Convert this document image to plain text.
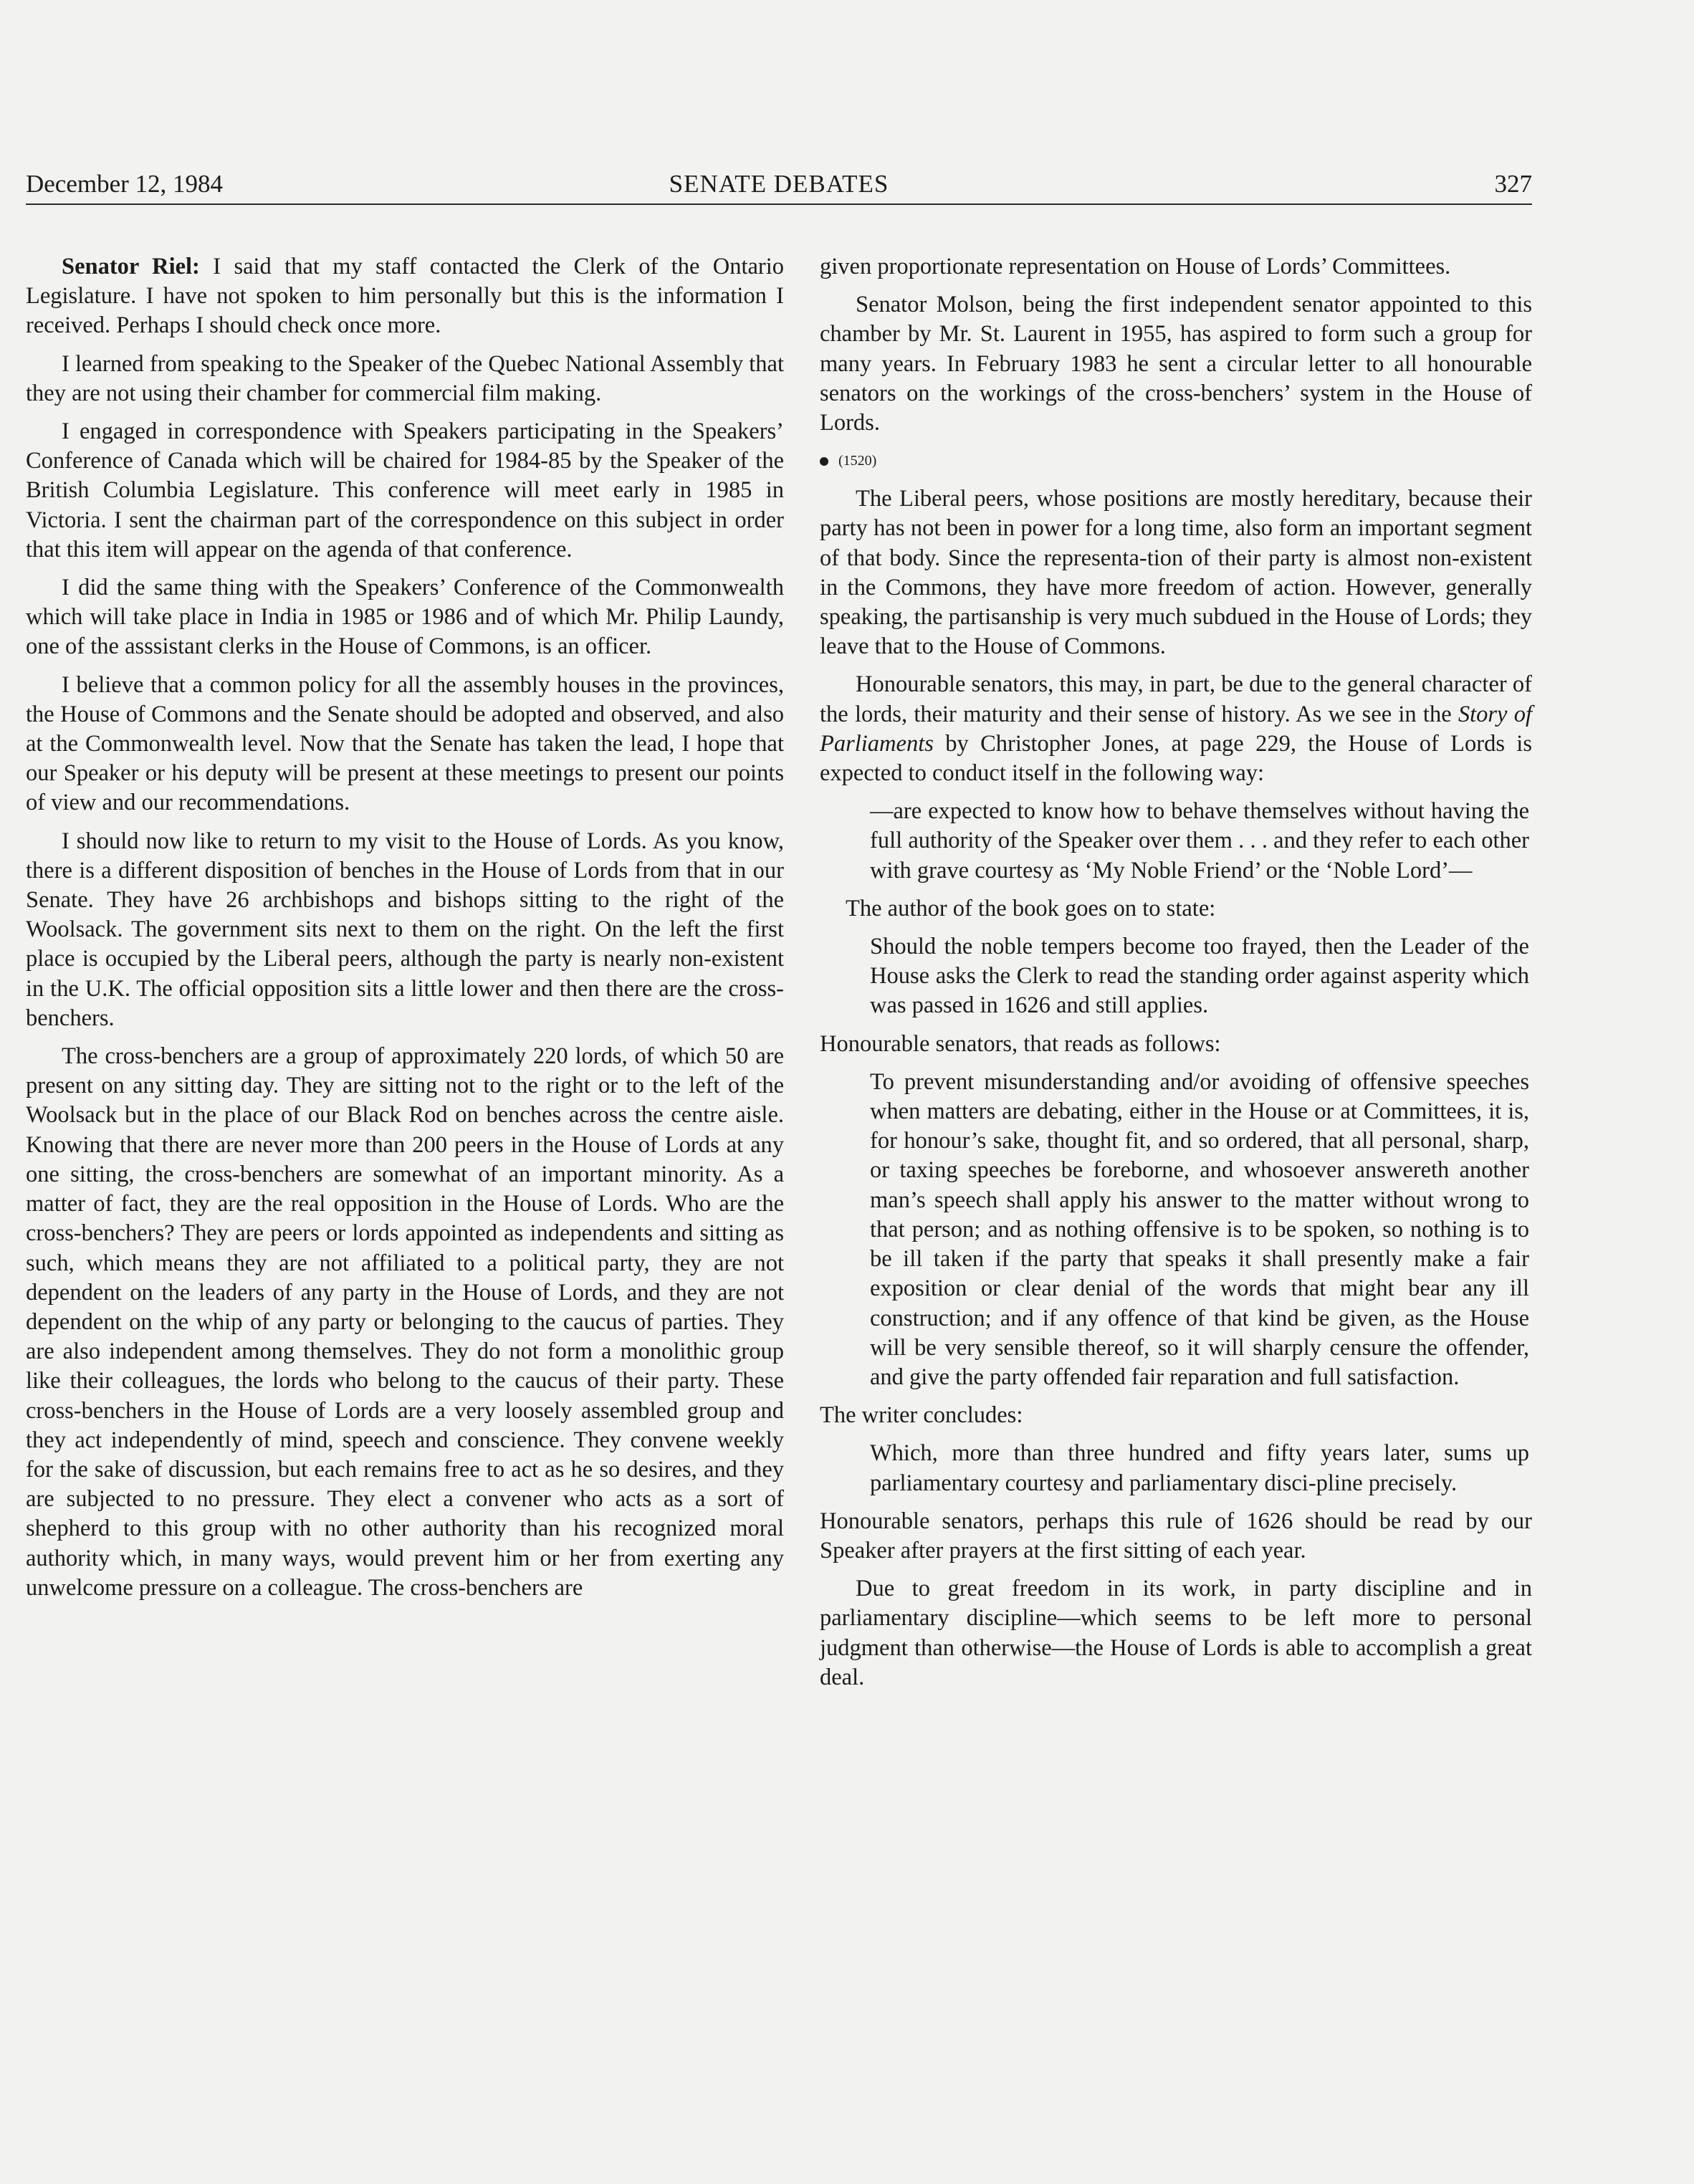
December 12, 1984	SENATE DEBATES	327

Senator Riel: I said that my staff contacted the Clerk of the Ontario Legislature. I have not spoken to him personally but this is the information I received. Perhaps I should check once more.

I learned from speaking to the Speaker of the Quebec National Assembly that they are not using their chamber for commercial film making.

I engaged in correspondence with Speakers participating in the Speakers’ Conference of Canada which will be chaired for 1984-85 by the Speaker of the British Columbia Legislature. This conference will meet early in 1985 in Victoria. I sent the chairman part of the correspondence on this subject in order that this item will appear on the agenda of that conference.

I did the same thing with the Speakers’ Conference of the Commonwealth which will take place in India in 1985 or 1986 and of which Mr. Philip Laundy, one of the asssistant clerks in the House of Commons, is an officer.

I believe that a common policy for all the assembly houses in the provinces, the House of Commons and the Senate should be adopted and observed, and also at the Commonwealth level. Now that the Senate has taken the lead, I hope that our Speaker or his deputy will be present at these meetings to present our points of view and our recommendations.

I should now like to return to my visit to the House of Lords. As you know, there is a different disposition of benches in the House of Lords from that in our Senate. They have 26 archbishops and bishops sitting to the right of the Woolsack. The government sits next to them on the right. On the left the first place is occupied by the Liberal peers, although the party is nearly non-existent in the U.K. The official opposition sits a little lower and then there are the cross-benchers.

The cross-benchers are a group of approximately 220 lords, of which 50 are present on any sitting day. They are sitting not to the right or to the left of the Woolsack but in the place of our Black Rod on benches across the centre aisle. Knowing that there are never more than 200 peers in the House of Lords at any one sitting, the cross-benchers are somewhat of an important minority. As a matter of fact, they are the real opposition in the House of Lords. Who are the cross-benchers? They are peers or lords appointed as independents and sitting as such, which means they are not affiliated to a political party, they are not dependent on the leaders of any party in the House of Lords, and they are not dependent on the whip of any party or belonging to the caucus of parties. They are also independent among themselves. They do not form a monolithic group like their colleagues, the lords who belong to the caucus of their party. These cross-benchers in the House of Lords are a very loosely assembled group and they act independently of mind, speech and conscience. They convene weekly for the sake of discussion, but each remains free to act as he so desires, and they are subjected to no pressure. They elect a convener who acts as a sort of shepherd to this group with no other authority than his recognized moral authority which, in many ways, would prevent him or her from exerting any unwelcome pressure on a colleague. The cross-benchers are

given proportionate representation on House of Lords’ Committees.

Senator Molson, being the first independent senator appointed to this chamber by Mr. St. Laurent in 1955, has aspired to form such a group for many years. In February 1983 he sent a circular letter to all honourable senators on the workings of the cross-benchers’ system in the House of Lords.

(1520)

The Liberal peers, whose positions are mostly hereditary, because their party has not been in power for a long time, also form an important segment of that body. Since the representa-tion of their party is almost non-existent in the Commons, they have more freedom of action. However, generally speaking, the partisanship is very much subdued in the House of Lords; they leave that to the House of Commons.

Honourable senators, this may, in part, be due to the general character of the lords, their maturity and their sense of history. As we see in the Story of Parliaments by Christopher Jones, at page 229, the House of Lords is expected to conduct itself in the following way:

—are expected to know how to behave themselves without having the full authority of the Speaker over them . . . and they refer to each other with grave courtesy as ‘My Noble Friend’ or the ‘Noble Lord’—

The author of the book goes on to state:

Should the noble tempers become too frayed, then the Leader of the House asks the Clerk to read the standing order against asperity which was passed in 1626 and still applies.

Honourable senators, that reads as follows:

To prevent misunderstanding and/or avoiding of offensive speeches when matters are debating, either in the House or at Committees, it is, for honour’s sake, thought fit, and so ordered, that all personal, sharp, or taxing speeches be foreborne, and whosoever answereth another man’s speech shall apply his answer to the matter without wrong to that person; and as nothing offensive is to be spoken, so nothing is to be ill taken if the party that speaks it shall presently make a fair exposition or clear denial of the words that might bear any ill construction; and if any offence of that kind be given, as the House will be very sensible thereof, so it will sharply censure the offender, and give the party offended fair reparation and full satisfaction.

The writer concludes:

Which, more than three hundred and fifty years later, sums up parliamentary courtesy and parliamentary disci-pline precisely.

Honourable senators, perhaps this rule of 1626 should be read by our Speaker after prayers at the first sitting of each year.

Due to great freedom in its work, in party discipline and in parliamentary discipline—which seems to be left more to personal judgment than otherwise—the House of Lords is able to accomplish a great deal.
